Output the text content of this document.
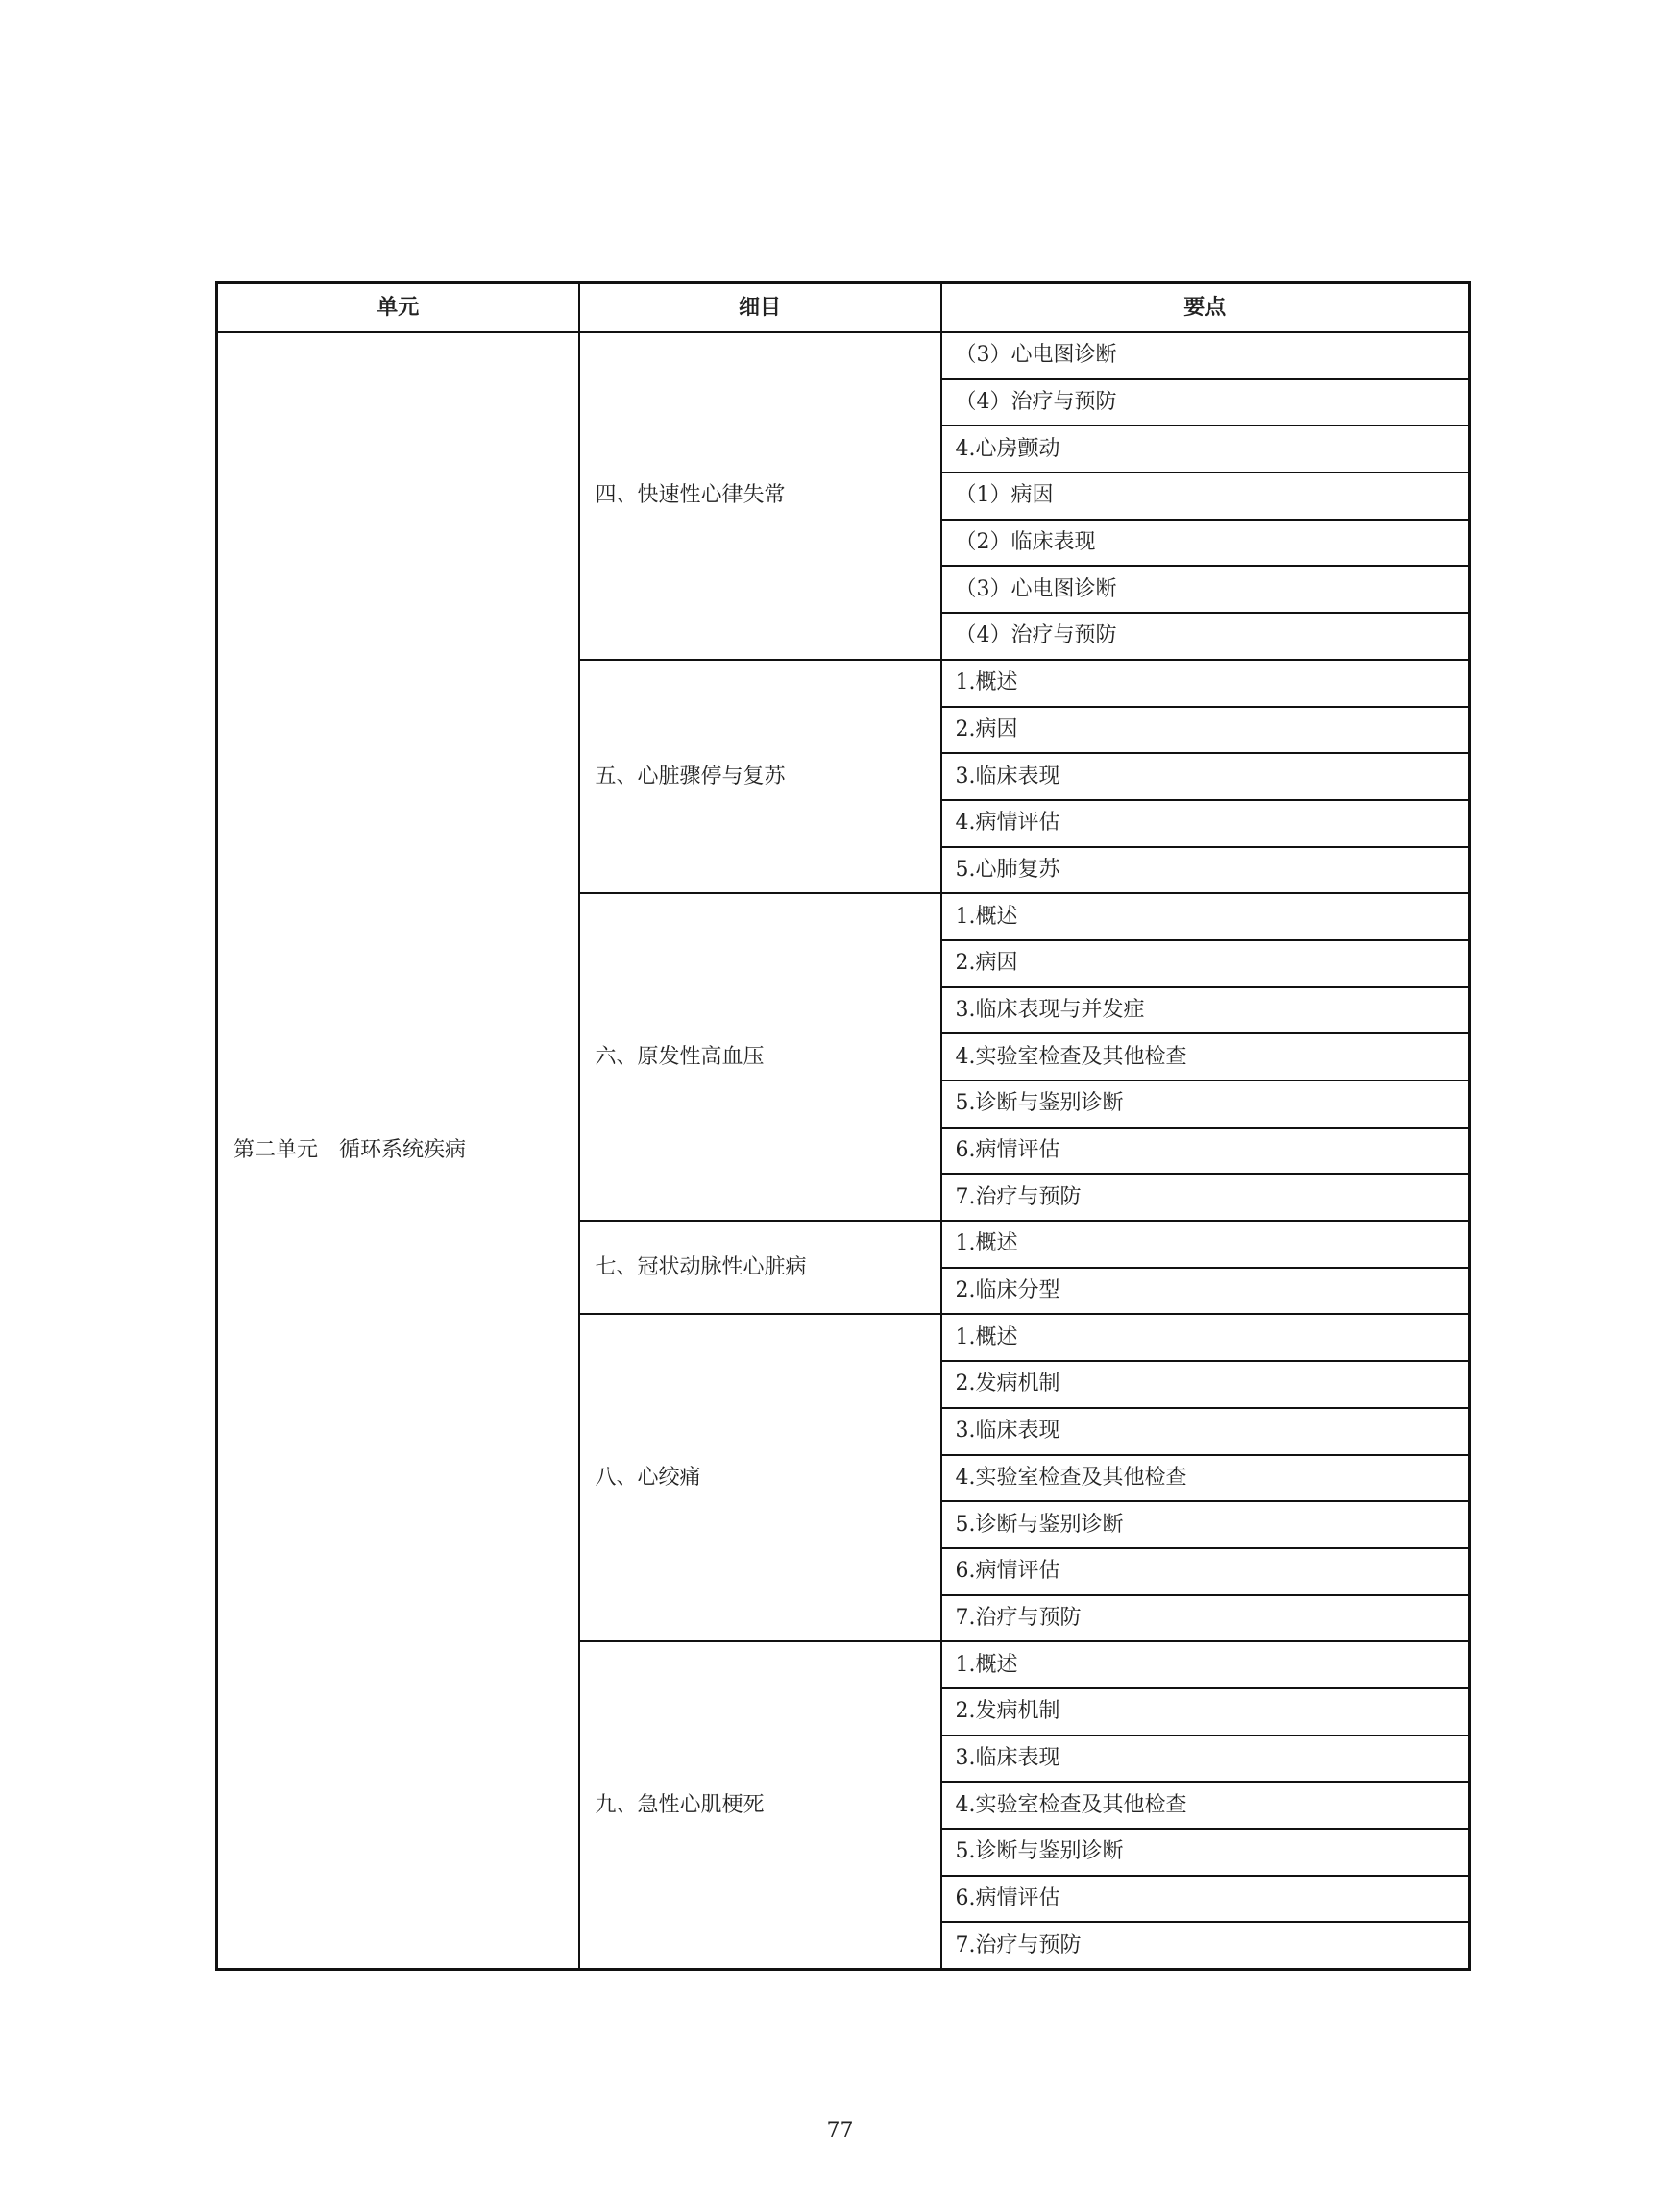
单元	细目	要点
第二单元　循环系统疾病	四、快速性心律失常	（3）心电图诊断
		（4）治疗与预防
		4.心房颤动
		（1）病因
		（2）临床表现
		（3）心电图诊断
		（4）治疗与预防
	五、心脏骤停与复苏	1.概述
		2.病因
		3.临床表现
		4.病情评估
		5.心肺复苏
	六、原发性高血压	1.概述
		2.病因
		3.临床表现与并发症
		4.实验室检查及其他检查
		5.诊断与鉴别诊断
		6.病情评估
		7.治疗与预防
	七、冠状动脉性心脏病	1.概述
		2.临床分型
	八、心绞痛	1.概述
		2.发病机制
		3.临床表现
		4.实验室检查及其他检查
		5.诊断与鉴别诊断
		6.病情评估
		7.治疗与预防
	九、急性心肌梗死	1.概述
		2.发病机制
		3.临床表现
		4.实验室检查及其他检查
		5.诊断与鉴别诊断
		6.病情评估
		7.治疗与预防
77
